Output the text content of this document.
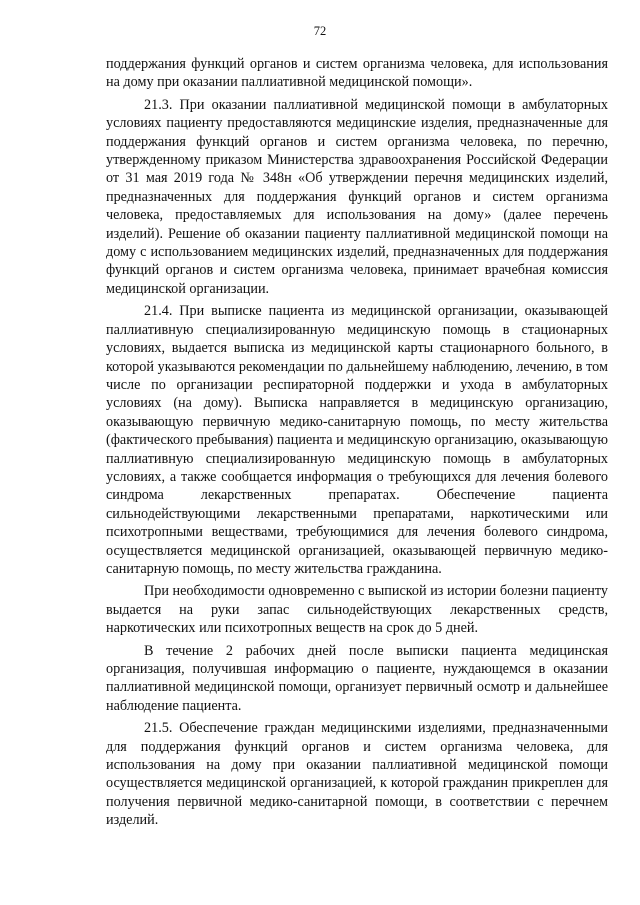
72

поддержания функций органов и систем организма человека, для использования на дому при оказании паллиативной медицинской помощи».

21.3. При оказании паллиативной медицинской помощи в амбулаторных условиях пациенту предоставляются медицинские изделия, предназначенные для поддержания функций органов и систем организма человека, по перечню, утвержденному приказом Министерства здравоохранения Российской Федерации от 31 мая 2019 года № 348н «Об утверждении перечня медицинских изделий, предназначенных для поддержания функций органов и систем организма человека, предоставляемых для использования на дому» (далее перечень изделий). Решение об оказании пациенту паллиативной медицинской помощи на дому с использованием медицинских изделий, предназначенных для поддержания функций органов и систем организма человека, принимает врачебная комиссия медицинской организации.

21.4. При выписке пациента из медицинской организации, оказывающей паллиативную специализированную медицинскую помощь в стационарных условиях, выдается выписка из медицинской карты стационарного больного, в которой указываются рекомендации по дальнейшему наблюдению, лечению, в том числе по организации респираторной поддержки и ухода в амбулаторных условиях (на дому). Выписка направляется в медицинскую организацию, оказывающую первичную медико-санитарную помощь, по месту жительства (фактического пребывания) пациента и медицинскую организацию, оказывающую паллиативную специализированную медицинскую помощь в амбулаторных условиях, а также сообщается информация о требующихся для лечения болевого синдрома лекарственных препаратах. Обеспечение пациента сильнодействующими лекарственными препаратами, наркотическими или психотропными веществами, требующимися для лечения болевого синдрома, осуществляется медицинской организацией, оказывающей первичную медико-санитарную помощь, по месту жительства гражданина.

При необходимости одновременно с выпиской из истории болезни пациенту выдается на руки запас сильнодействующих лекарственных средств, наркотических или психотропных веществ на срок до 5 дней.

В течение 2 рабочих дней после выписки пациента медицинская организация, получившая информацию о пациенте, нуждающемся в оказании паллиативной медицинской помощи, организует первичный осмотр и дальнейшее наблюдение пациента.

21.5. Обеспечение граждан медицинскими изделиями, предназначенными для поддержания функций органов и систем организма человека, для использования на дому при оказании паллиативной медицинской помощи осуществляется медицинской организацией, к которой гражданин прикреплен для получения первичной медико-санитарной помощи, в соответствии с перечнем изделий.
